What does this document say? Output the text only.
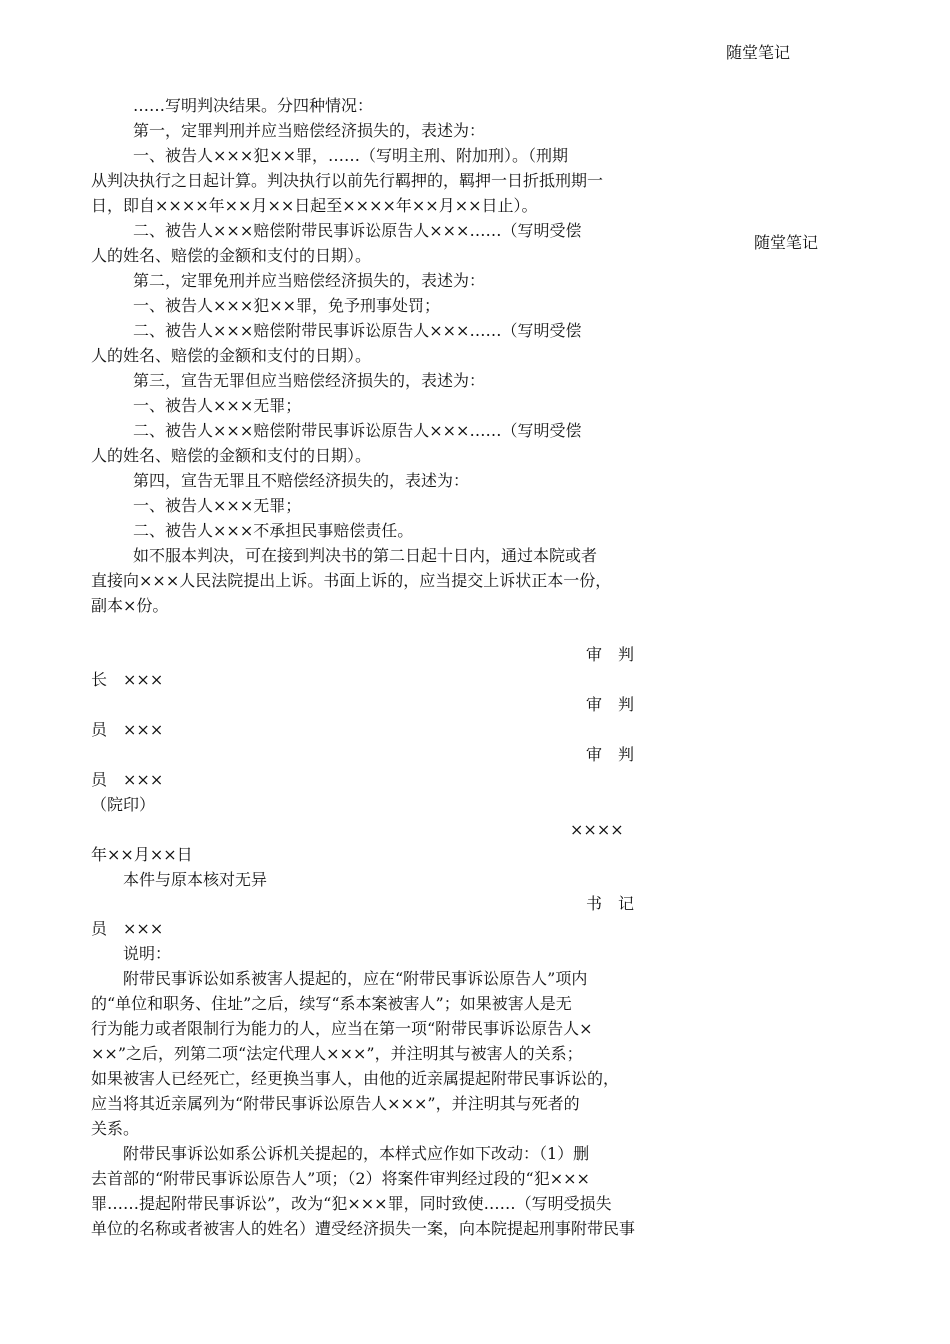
随堂笔记
随堂笔记
……写明判决结果。分四种情况：
第一，定罪判刑并应当赔偿经济损失的，表述为：
一、被告人×××犯××罪，……（写明主刑、附加刑）。（刑期
从判决执行之日起计算。判决执行以前先行羁押的，羁押一日折抵刑期一
日，即自××××年××月××日起至××××年××月××日止）。
二、被告人×××赔偿附带民事诉讼原告人×××……（写明受偿
人的姓名、赔偿的金额和支付的日期）。
第二，定罪免刑并应当赔偿经济损失的，表述为：
一、被告人×××犯××罪，免予刑事处罚；
二、被告人×××赔偿附带民事诉讼原告人×××……（写明受偿
人的姓名、赔偿的金额和支付的日期）。
第三，宣告无罪但应当赔偿经济损失的，表述为：
一、被告人×××无罪；
二、被告人×××赔偿附带民事诉讼原告人×××……（写明受偿
人的姓名、赔偿的金额和支付的日期）。
第四，宣告无罪且不赔偿经济损失的，表述为：
一、被告人×××无罪；
二、被告人×××不承担民事赔偿责任。
如不服本判决，可在接到判决书的第二日起十日内，通过本院或者
直接向×××人民法院提出上诉。书面上诉的，应当提交上诉状正本一份，
副本×份。
审　判
长　×××
审　判
员　×××
审　判
员　×××
（院印）
××××
年××月××日
本件与原本核对无异
书　记
员　×××
说明：
附带民事诉讼如系被害人提起的，应在“附带民事诉讼原告人”项内
的“单位和职务、住址”之后，续写“系本案被害人”；如果被害人是无
行为能力或者限制行为能力的人，应当在第一项“附带民事诉讼原告人×
××”之后，列第二项“法定代理人×××”，并注明其与被害人的关系；
如果被害人已经死亡，经更换当事人，由他的近亲属提起附带民事诉讼的，
应当将其近亲属列为“附带民事诉讼原告人×××”，并注明其与死者的
关系。
附带民事诉讼如系公诉机关提起的，本样式应作如下改动：（1）删
去首部的“附带民事诉讼原告人”项；（2）将案件审判经过段的“犯×××
罪……提起附带民事诉讼”，改为“犯×××罪，同时致使……（写明受损失
单位的名称或者被害人的姓名）遭受经济损失一案，向本院提起刑事附带民事
